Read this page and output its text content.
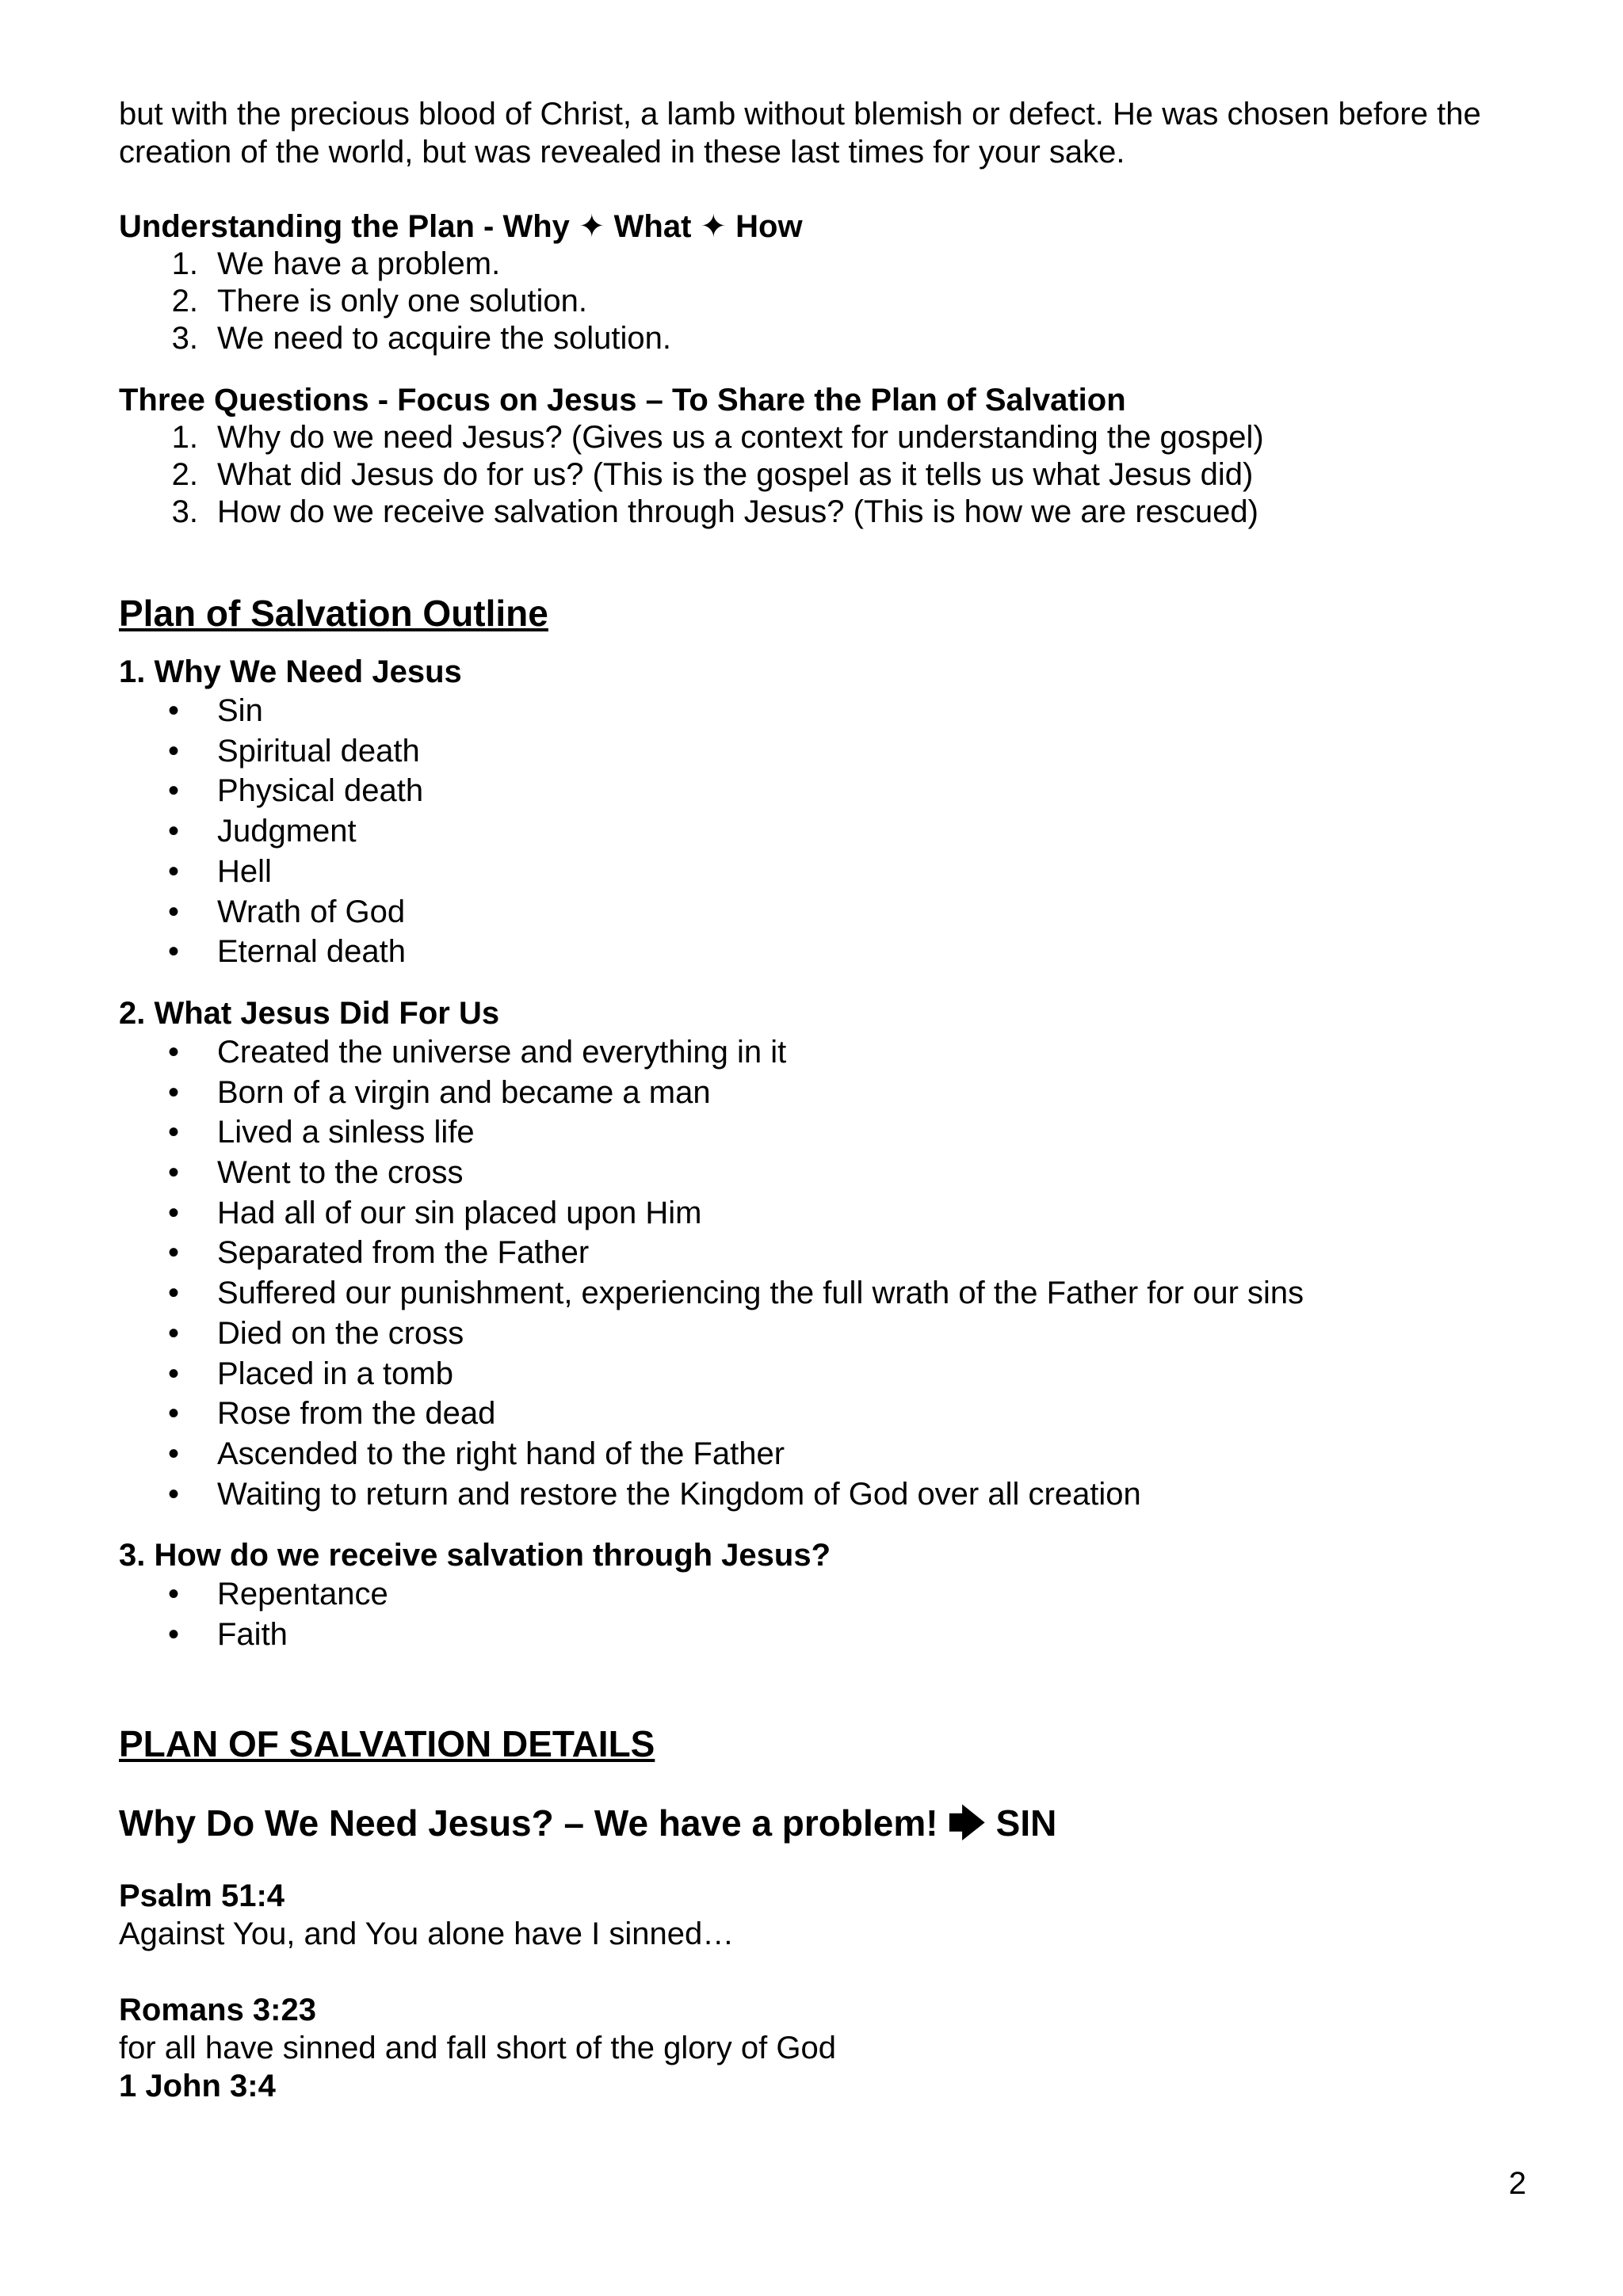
but with the precious blood of Christ, a lamb without blemish or defect. He was chosen before the

creation of the world, but was revealed in these last times for your sake.

Understanding the Plan - Why ✦ What ✦ How

1. We have a problem.
2. There is only one solution.
3. We need to acquire the solution.

Three Questions - Focus on Jesus – To Share the Plan of Salvation

1. Why do we need Jesus? (Gives us a context for understanding the gospel)
2. What did Jesus do for us? (This is the gospel as it tells us what Jesus did)
3. How do we receive salvation through Jesus? (This is how we are rescued)

Plan of Salvation Outline

1. Why We Need Jesus

• Sin
• Spiritual death
• Physical death
• Judgment
• Hell
• Wrath of God
• Eternal death

2. What Jesus Did For Us

• Created the universe and everything in it
• Born of a virgin and became a man
• Lived a sinless life
• Went to the cross
• Had all of our sin placed upon Him
• Separated from the Father
• Suffered our punishment, experiencing the full wrath of the Father for our sins
• Died on the cross
• Placed in a tomb
• Rose from the dead
• Ascended to the right hand of the Father
• Waiting to return and restore the Kingdom of God over all creation

3. How do we receive salvation through Jesus?

• Repentance
• Faith

PLAN OF SALVATION DETAILS

Why Do We Need Jesus? – We have a problem! 🡆 SIN

Psalm 51:4

Against You, and You alone have I sinned…

Romans 3:23

for all have sinned and fall short of the glory of God

1 John 3:4

2
